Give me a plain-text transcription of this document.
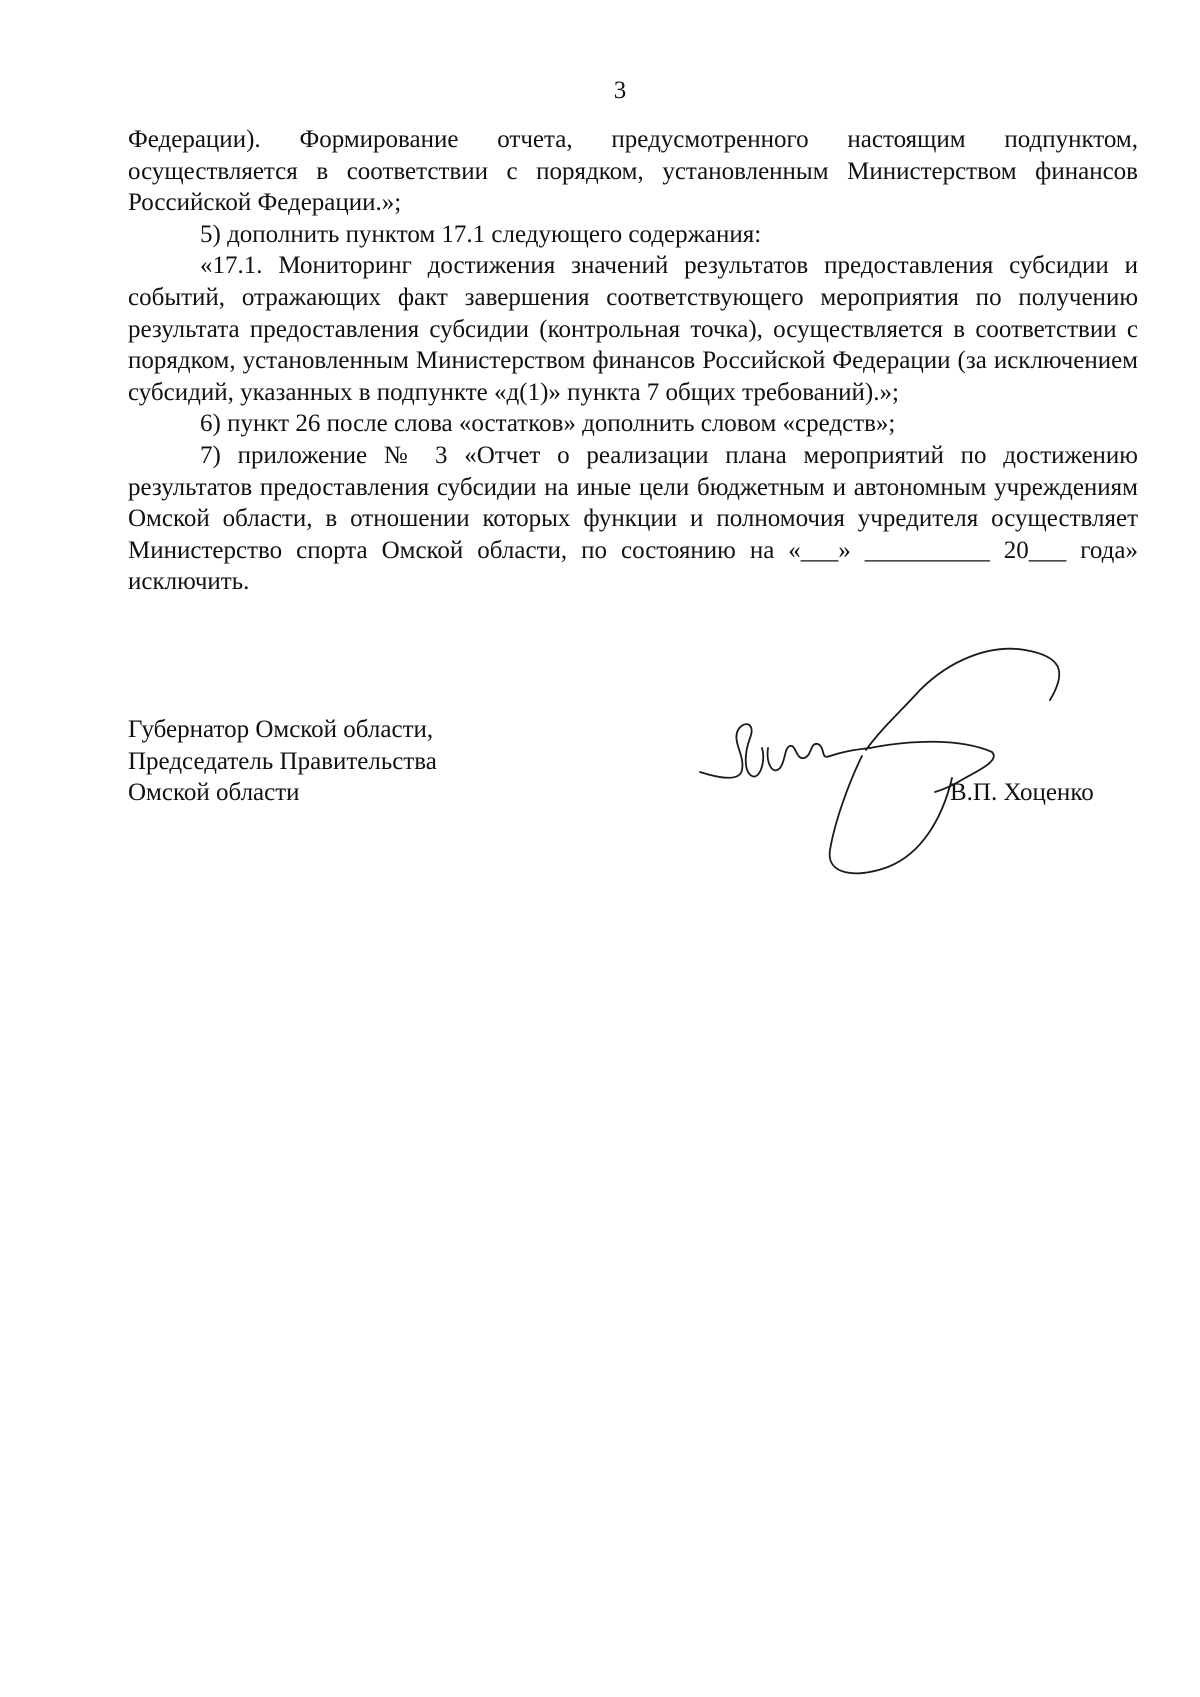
3

Федерации). Формирование отчета, предусмотренного настоящим подпунктом, осуществляется в соответствии с порядком, установленным Министерством финансов Российской Федерации.»;

5) дополнить пунктом 17.1 следующего содержания:

«17.1. Мониторинг достижения значений результатов предоставления субсидии и событий, отражающих факт завершения соответствующего мероприятия по получению результата предоставления субсидии (контрольная точка), осуществляется в соответствии с порядком, установленным Министерством финансов Российской Федерации (за исключением субсидий, указанных в подпункте «д(1)» пункта 7 общих требований).»;

6) пункт 26 после слова «остатков» дополнить словом «средств»;

7) приложение № 3 «Отчет о реализации плана мероприятий по достижению результатов предоставления субсидии на иные цели бюджетным и автономным учреждениям Омской области, в отношении которых функции и полномочия учредителя осуществляет Министерство спорта Омской области, по состоянию на «___» __________ 20___ года» исключить.

Губернатор Омской области,
Председатель Правительства
Омской области	В.П. Хоценко
